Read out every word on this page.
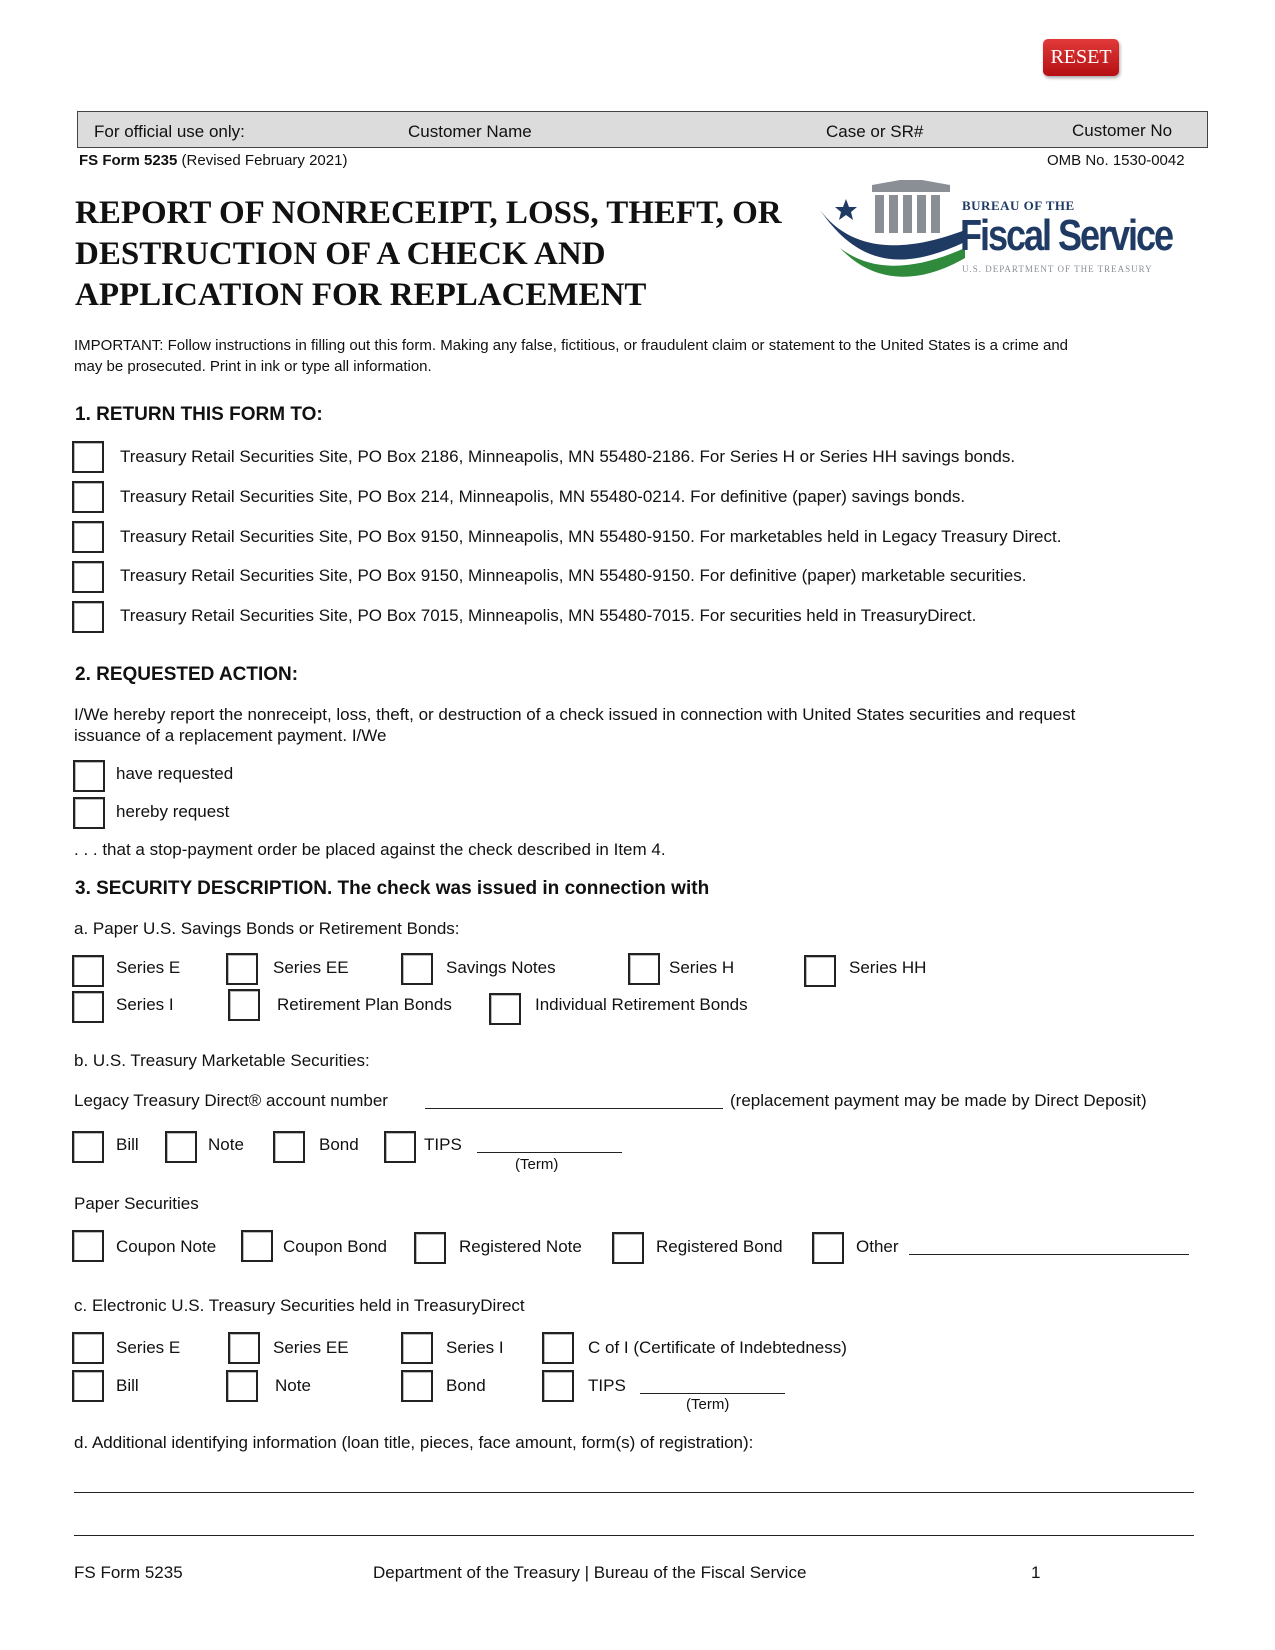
RESET
For official use only:	Customer Name	Case or SR#	Customer No
FS Form 5235 (Revised February 2021)	OMB No. 1530-0042
REPORT OF NONRECEIPT, LOSS, THEFT, OR
DESTRUCTION OF A CHECK AND
APPLICATION FOR REPLACEMENT
BUREAU OF THE
Fiscal Service
U.S. DEPARTMENT OF THE TREASURY
IMPORTANT: Follow instructions in filling out this form. Making any false, fictitious, or fraudulent claim or statement to the United States is a crime and
may be prosecuted. Print in ink or type all information.
1. RETURN THIS FORM TO:
Treasury Retail Securities Site, PO Box 2186, Minneapolis, MN 55480-2186. For Series H or Series HH savings bonds.
Treasury Retail Securities Site, PO Box 214, Minneapolis, MN 55480-0214. For definitive (paper) savings bonds.
Treasury Retail Securities Site, PO Box 9150, Minneapolis, MN 55480-9150. For marketables held in Legacy Treasury Direct.
Treasury Retail Securities Site, PO Box 9150, Minneapolis, MN 55480-9150. For definitive (paper) marketable securities.
Treasury Retail Securities Site, PO Box 7015, Minneapolis, MN 55480-7015. For securities held in TreasuryDirect.
2. REQUESTED ACTION:
I/We hereby report the nonreceipt, loss, theft, or destruction of a check issued in connection with United States securities and request
issuance of a replacement payment. I/We
have requested
hereby request
. . . that a stop-payment order be placed against the check described in Item 4.
3. SECURITY DESCRIPTION. The check was issued in connection with
a. Paper U.S. Savings Bonds or Retirement Bonds:
Series E	Series EE	Savings Notes	Series H	Series HH
Series I	Retirement Plan Bonds	Individual Retirement Bonds
b. U.S. Treasury Marketable Securities:
Legacy Treasury Direct® account number	(replacement payment may be made by Direct Deposit)
Bill	Note	Bond	TIPS
(Term)
Paper Securities
Coupon Note	Coupon Bond	Registered Note	Registered Bond	Other
c. Electronic U.S. Treasury Securities held in TreasuryDirect
Series E	Series EE	Series I	C of I (Certificate of Indebtedness)
Bill	Note	Bond	TIPS
(Term)
d. Additional identifying information (loan title, pieces, face amount, form(s) of registration):
FS Form 5235	Department of the Treasury | Bureau of the Fiscal Service	1
